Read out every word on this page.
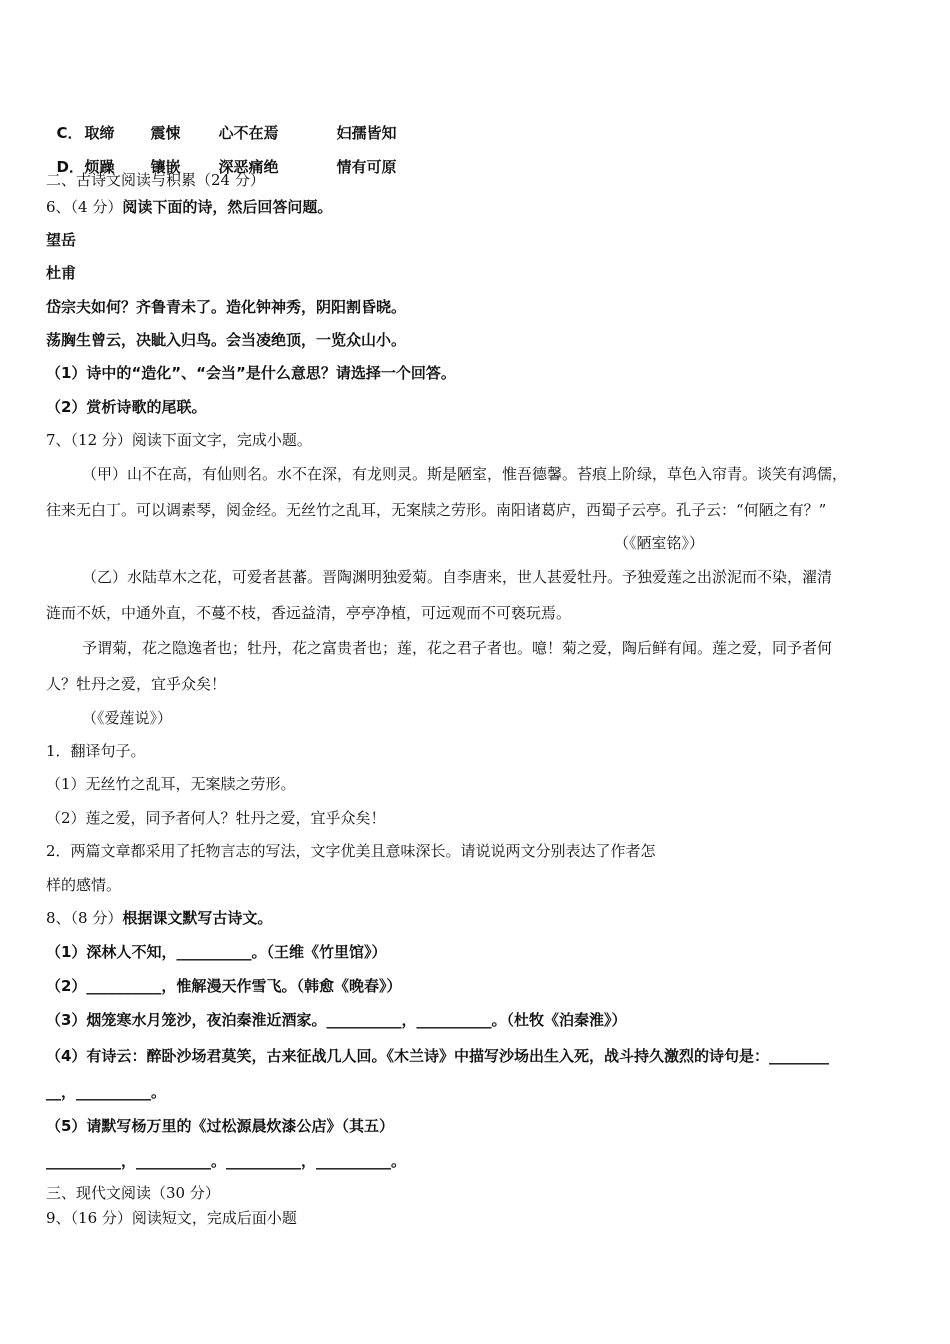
C． 取缔 震悚	心不在焉	妇孺皆知

D．烦躁 镶嵌	深恶痛绝	情有可原

二、古诗文阅读与积累（24 分）
6、（4 分）阅读下面的诗，然后回答问题。
望岳
杜甫
岱宗夫如何？齐鲁青未了。造化钟神秀，阴阳割昏晓。
荡胸生曾云，决眦入归鸟。会当凌绝顶，一览众山小。
（1）诗中的“造化”、“会当”是什么意思？请选择一个回答。
（2）赏析诗歌的尾联。
7、（12 分）阅读下面文字，完成小题。
（甲）山不在高，有仙则名。水不在深，有龙则灵。斯是陋室，惟吾德馨。苔痕上阶绿，草色入帘青。谈笑有鸿儒，
往来无白丁。可以调素琴，阅金经。无丝竹之乱耳，无案牍之劳形。南阳诸葛庐，西蜀子云亭。孔子云：“何陋之有？”
（《陋室铭》）
（乙）水陆草木之花，可爱者甚蕃。晋陶渊明独爱菊。自李唐来，世人甚爱牡丹。予独爱莲之出淤泥而不染，濯清
涟而不妖，中通外直，不蔓不枝，香远益清，亭亭净植，可远观而不可亵玩焉。
予谓菊，花之隐逸者也；牡丹，花之富贵者也；莲，花之君子者也。噫！菊之爱，陶后鲜有闻。莲之爱，同予者何
人？牡丹之爱，宜乎众矣！
（《爱莲说》）
1．翻译句子。
（1）无丝竹之乱耳，无案牍之劳形。
（2）莲之爱，同予者何人？牡丹之爱，宜乎众矣！
2．两篇文章都采用了托物言志的写法，文字优美且意味深长。请说说两文分别表达了作者怎
样的感情。
8、（8 分）根据课文默写古诗文。
（1）深林人不知，__________。（王维《竹里馆》）
（2）__________，惟解漫天作雪飞。（韩愈《晚春》）
（3）烟笼寒水月笼沙，夜泊秦淮近酒家。__________，__________。（杜牧《泊秦淮》）
（4）有诗云：醉卧沙场君莫笑，古来征战几人回。《木兰诗》中描写沙场出生入死，战斗持久激烈的诗句是：________
__，__________。
（5）请默写杨万里的《过松源晨炊漆公店》（其五）
__________，__________。__________，__________。
三、现代文阅读（30 分）
9、（16 分）阅读短文，完成后面小题
